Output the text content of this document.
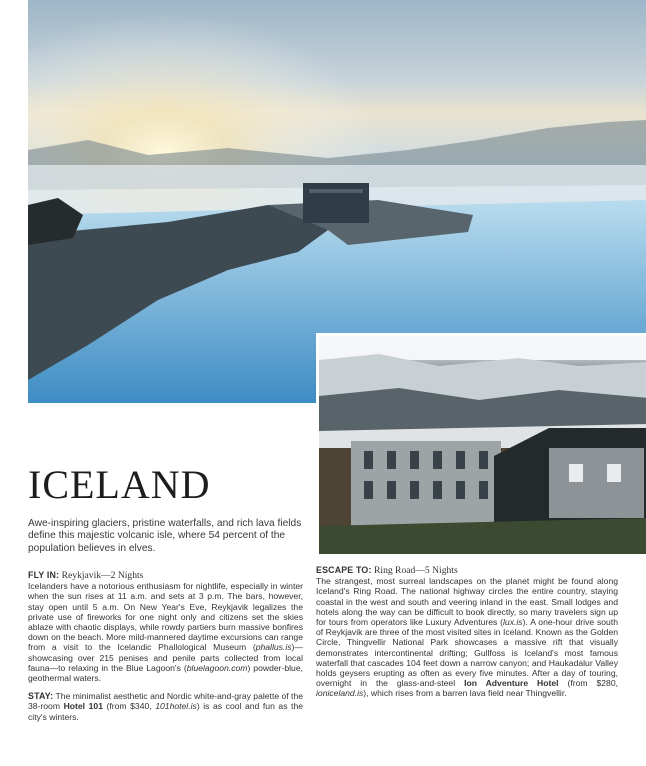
ICELAND

Awe-inspiring glaciers, pristine waterfalls, and rich lava fields define this majestic volcanic isle, where 54 percent of the population believes in elves.

FLY IN: Reykjavik—2 Nights
Icelanders have a notorious enthusiasm for nightlife, especially in winter when the sun rises at 11 a.m. and sets at 3 p.m. The bars, however, stay open until 5 a.m. On New Year's Eve, Reykjavik legalizes the private use of fireworks for one night only and citizens set the skies ablaze with chaotic displays, while rowdy partiers burn massive bonfires down on the beach. More mild-mannered daytime excursions can range from a visit to the Icelandic Phallological Museum (phallus.is)—showcasing over 215 penises and penile parts collected from local fauna—to relaxing in the Blue Lagoon's (bluelagoon.com) powder-blue, geothermal waters.

STAY: The minimalist aesthetic and Nordic white-and-gray palette of the 38-room Hotel 101 (from $340, 101hotel.is) is as cool and fun as the city's winters.

ESCAPE TO: Ring Road—5 Nights
The strangest, most surreal landscapes on the planet might be found along Iceland's Ring Road. The national highway circles the entire country, staying coastal in the west and south and veering inland in the east. Small lodges and hotels along the way can be difficult to book directly, so many travelers sign up for tours from operators like Luxury Adventures (lux.is). A one-hour drive south of Reykjavik are three of the most visited sites in Iceland. Known as the Golden Circle, Thingvellir National Park showcases a massive rift that visually demonstrates intercontinental drifting; Gullfoss is Iceland's most famous waterfall that cascades 104 feet down a narrow canyon; and Haukadalur Valley holds geysers erupting as often as every five minutes. After a day of touring, overnight in the glass-and-steel Ion Adventure Hotel (from $280, ioniceland.is), which rises from a barren lava field near Thingvellir.
